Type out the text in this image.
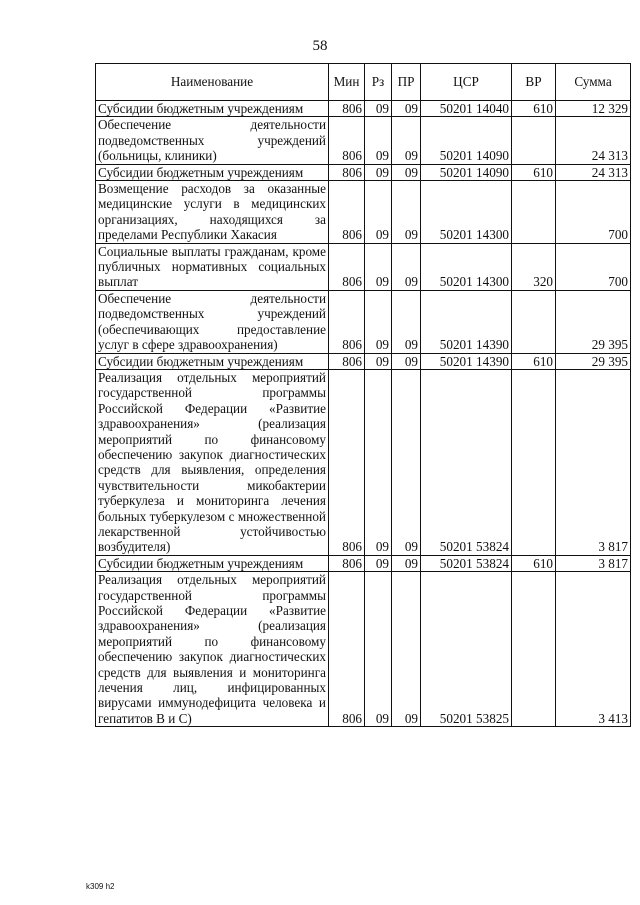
58
Наименование	Мин	Рз	ПР	ЦСР	ВР	Сумма
Субсидии бюджетным учреждениям	806	09	09	50201 14040	610	12 329
Обеспечение деятельности подведомственных учреждений (больницы, клиники)	806	09	09	50201 14090		24 313
Субсидии бюджетным учреждениям	806	09	09	50201 14090	610	24 313
Возмещение расходов за оказанные медицинские услуги в медицинских организациях, находящихся за пределами Республики Хакасия	806	09	09	50201 14300		700
Социальные выплаты гражданам, кроме публичных нормативных социальных выплат	806	09	09	50201 14300	320	700
Обеспечение деятельности подведомственных учреждений (обеспечивающих предоставление услуг в сфере здравоохранения)	806	09	09	50201 14390		29 395
Субсидии бюджетным учреждениям	806	09	09	50201 14390	610	29 395
Реализация отдельных мероприятий государственной программы Российской Федерации «Развитие здравоохранения» (реализация мероприятий по финансовому обеспечению закупок диагностических средств для выявления, определения чувствительности микобактерии туберкулеза и мониторинга лечения больных туберкулезом с множественной лекарственной устойчивостью возбудителя)	806	09	09	50201 53824		3 817
Субсидии бюджетным учреждениям	806	09	09	50201 53824	610	3 817
Реализация отдельных мероприятий государственной программы Российской Федерации «Развитие здравоохранения» (реализация мероприятий по финансовому обеспечению закупок диагностических средств для выявления и мониторинга лечения лиц, инфицированных вирусами иммунодефицита человека и гепатитов В и С)	806	09	09	50201 53825		3 413
k309 h2
